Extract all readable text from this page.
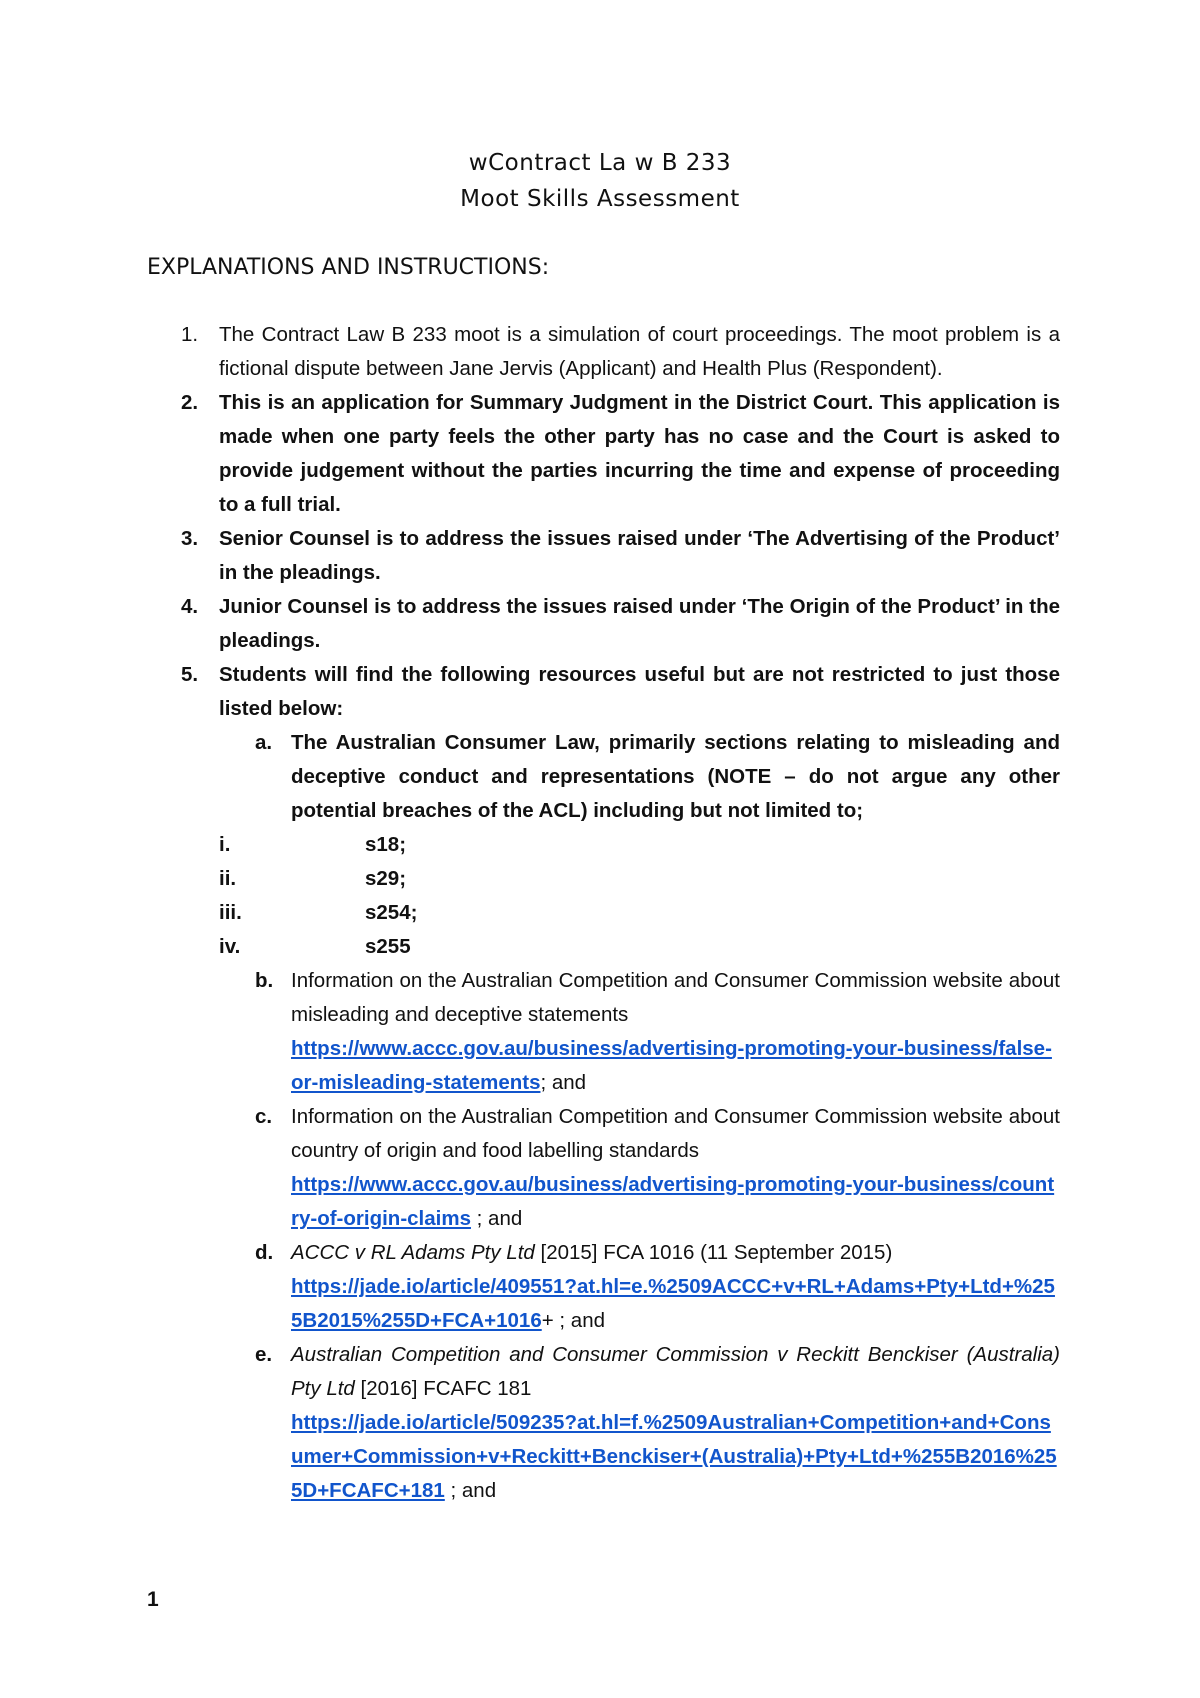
wContract La w B 233
Moot Skills Assessment
EXPLANATIONS AND INSTRUCTIONS:
1. The Contract Law B 233 moot is a simulation of court proceedings. The moot problem is a fictional dispute between Jane Jervis (Applicant) and Health Plus (Respondent).
2. This is an application for Summary Judgment in the District Court. This application is made when one party feels the other party has no case and the Court is asked to provide judgement without the parties incurring the time and expense of proceeding to a full trial.
3. Senior Counsel is to address the issues raised under ‘The Advertising of the Product’ in the pleadings.
4. Junior Counsel is to address the issues raised under ‘The Origin of the Product’ in the pleadings.
5. Students will find the following resources useful but are not restricted to just those listed below:
a. The Australian Consumer Law, primarily sections relating to misleading and deceptive conduct and representations (NOTE – do not argue any other potential breaches of the ACL) including but not limited to;
i.	s18;
ii.	s29;
iii.	s254;
iv.	s255
b. Information on the Australian Competition and Consumer Commission website about misleading and deceptive statements
https://www.accc.gov.au/business/advertising-promoting-your-business/false-or-misleading-statements; and
c. Information on the Australian Competition and Consumer Commission website about country of origin and food labelling standards
https://www.accc.gov.au/business/advertising-promoting-your-business/country-of-origin-claims ; and
d. ACCC v RL Adams Pty Ltd [2015] FCA 1016 (11 September 2015)
https://jade.io/article/409551?at.hl=e.%2509ACCC+v+RL+Adams+Pty+Ltd+%255B2015%255D+FCA+1016+ ; and
e. Australian Competition and Consumer Commission v Reckitt Benckiser (Australia) Pty Ltd [2016] FCAFC 181
https://jade.io/article/509235?at.hl=f.%2509Australian+Competition+and+Consumer+Commission+v+Reckitt+Benckiser+(Australia)+Pty+Ltd+%255B2016%255D+FCAFC+181 ; and
1
